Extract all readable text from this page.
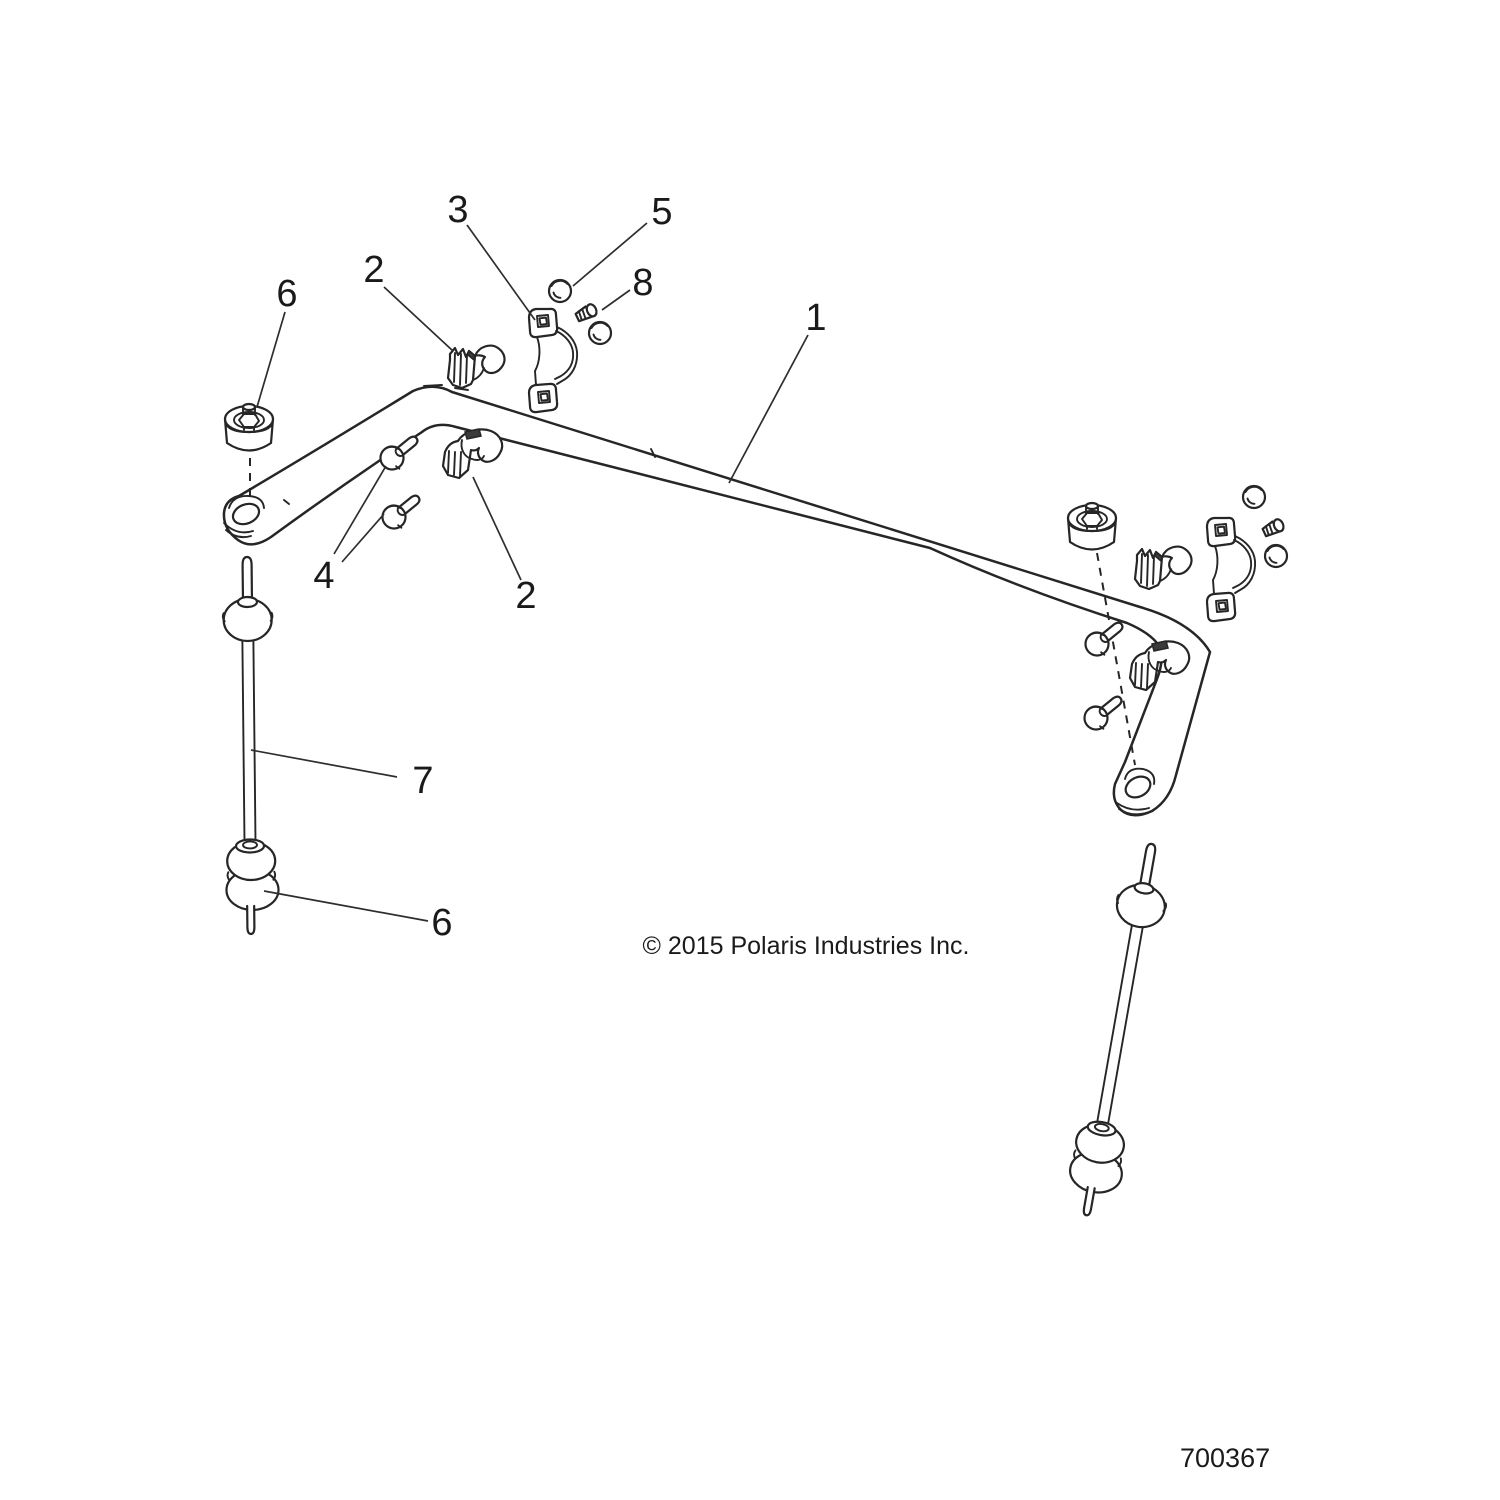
1
2
2
3
4
5
6
6
7
8
© 2015 Polaris Industries Inc.
700367
